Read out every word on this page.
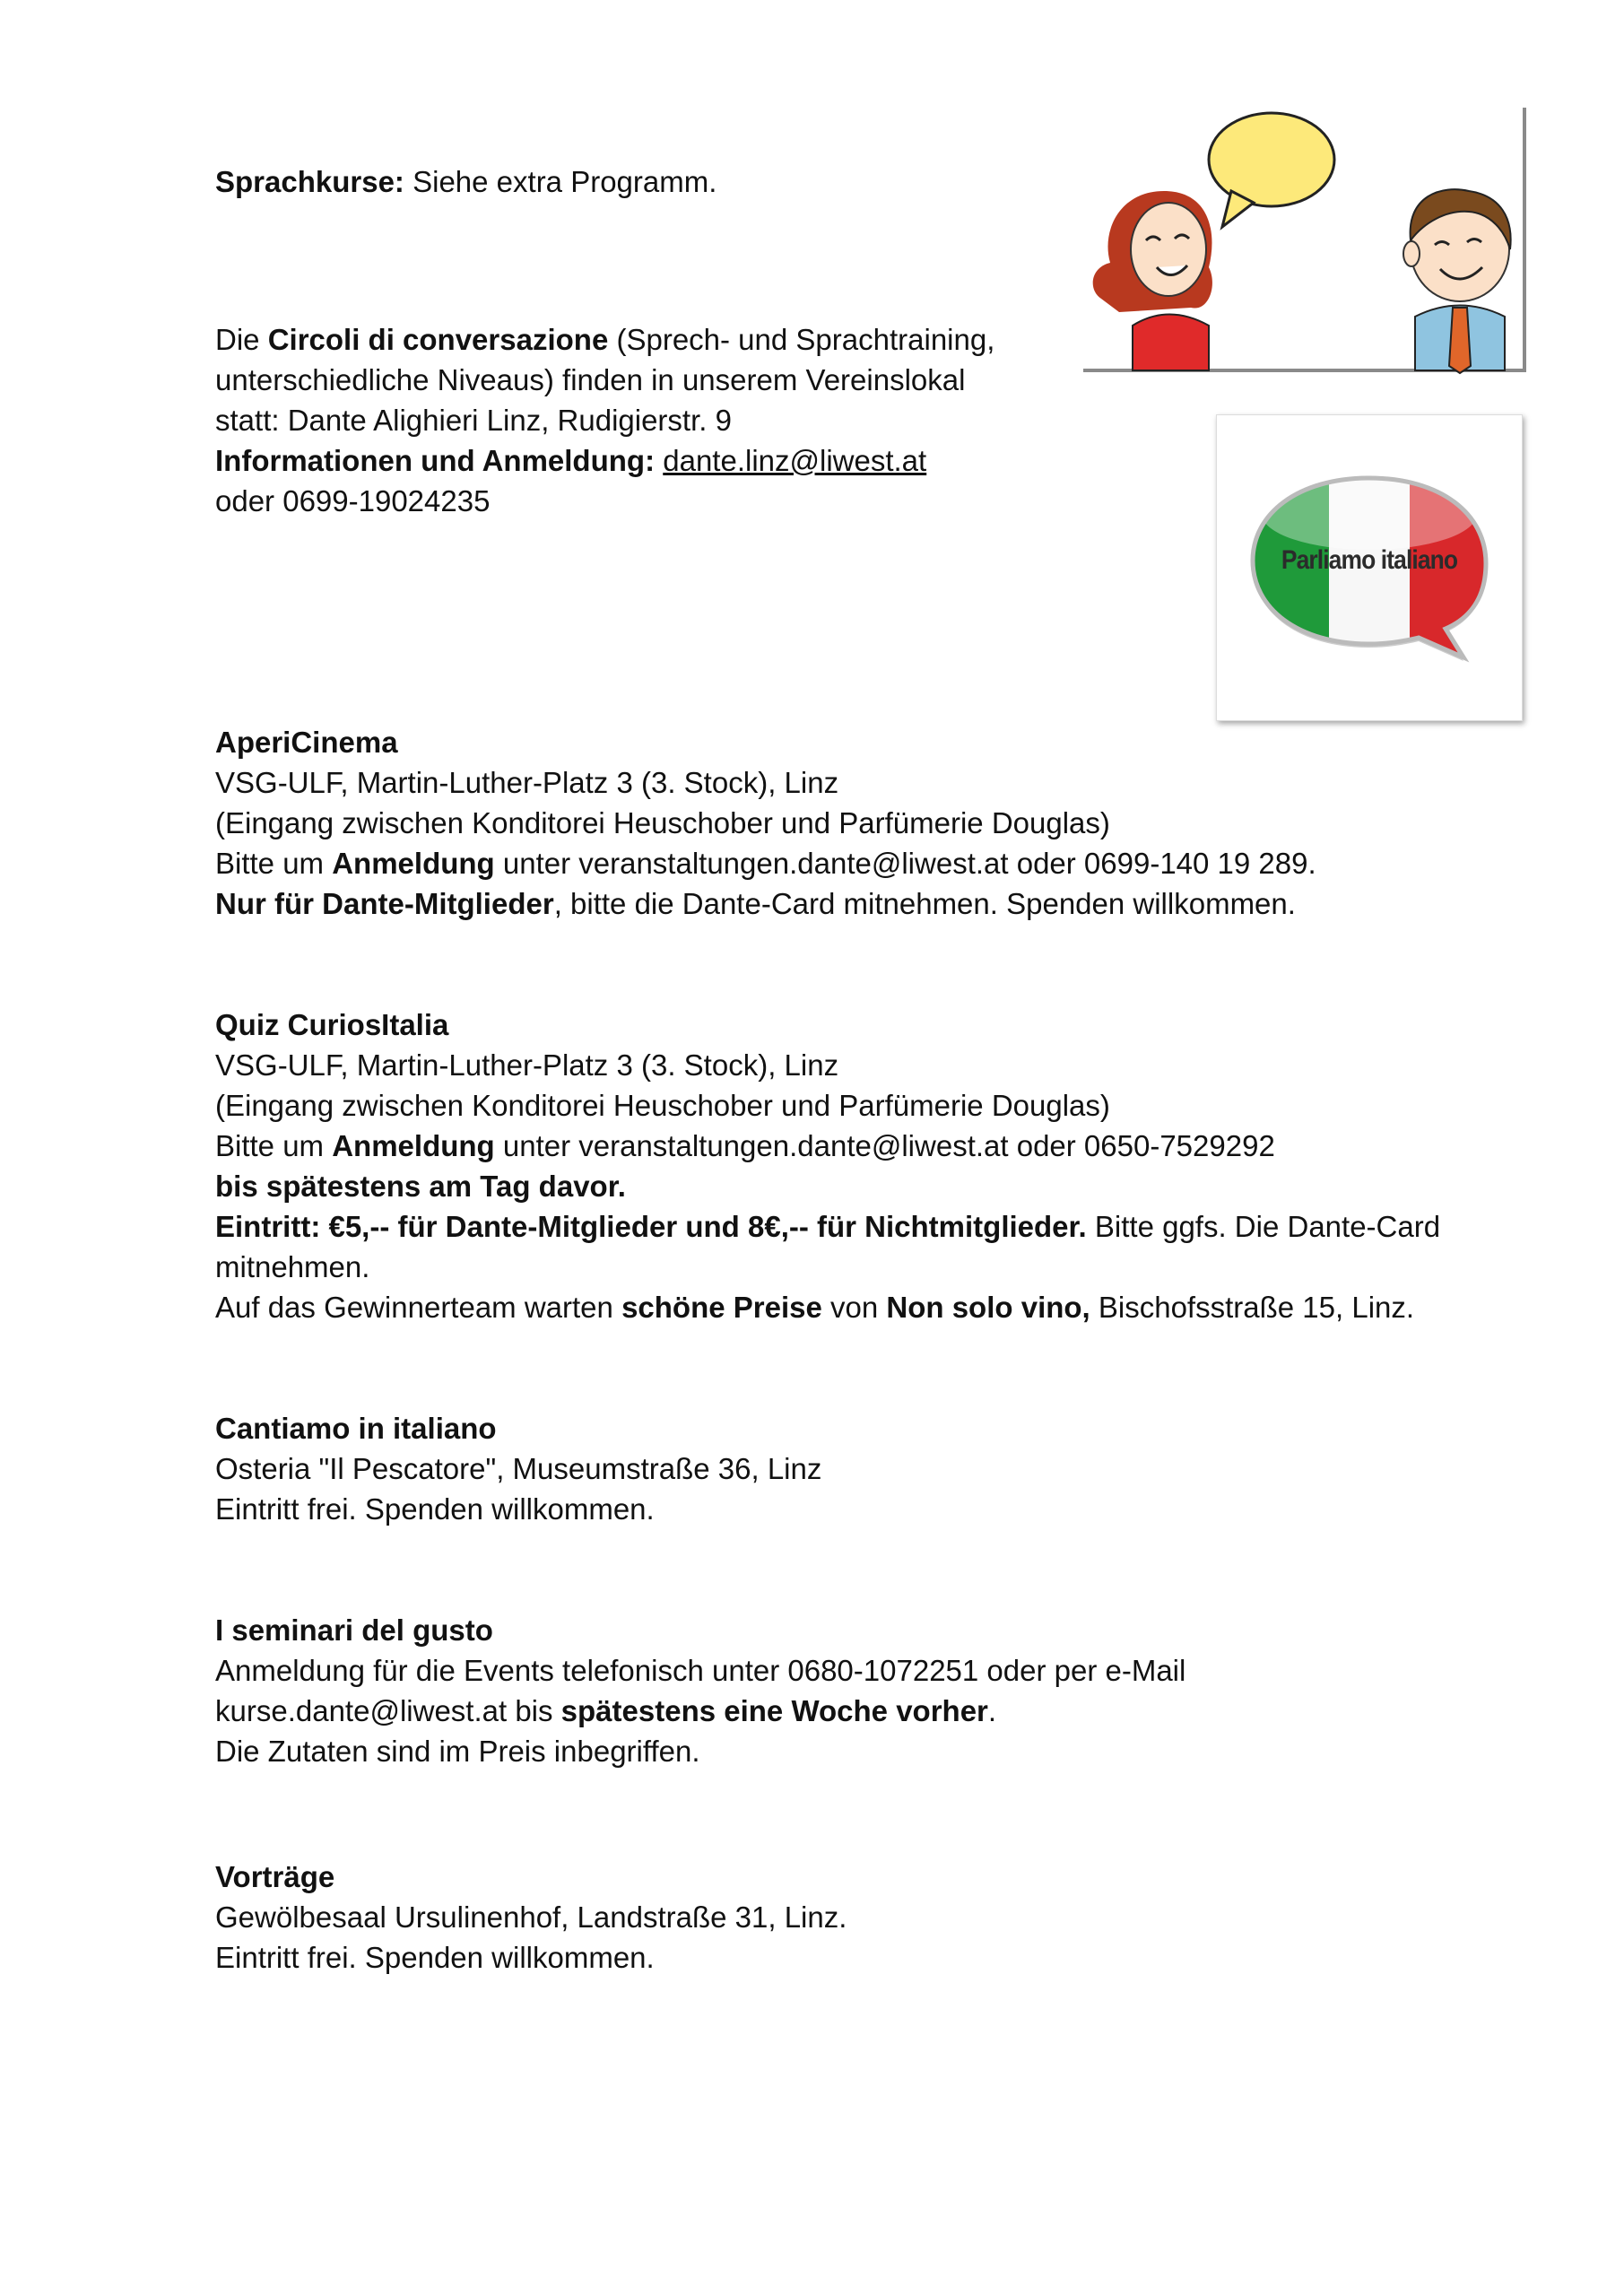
Sprachkurse: Siehe extra Programm.

Die Circoli di conversazione (Sprech- und Sprachtraining,

unterschiedliche Niveaus) finden in unserem Vereinslokal

statt: Dante Alighieri Linz, Rudigierstr. 9

Informationen und Anmeldung: dante.linz@liwest.at

oder 0699-19024235

Parliamo italiano

AperiCinema

VSG-ULF, Martin-Luther-Platz 3 (3. Stock), Linz

(Eingang zwischen Konditorei Heuschober und Parfümerie Douglas)

Bitte um Anmeldung unter veranstaltungen.dante@liwest.at oder 0699-140 19 289.

Nur für Dante-Mitglieder, bitte die Dante-Card mitnehmen. Spenden willkommen.

Quiz CuriosItalia

VSG-ULF, Martin-Luther-Platz 3 (3. Stock), Linz

(Eingang zwischen Konditorei Heuschober und Parfümerie Douglas)

Bitte um Anmeldung unter veranstaltungen.dante@liwest.at oder 0650-7529292

bis spätestens am Tag davor.

Eintritt: €5,-- für Dante-Mitglieder und 8€,-- für Nichtmitglieder. Bitte ggfs. Die Dante-Card

mitnehmen.

Auf das Gewinnerteam warten schöne Preise von Non solo vino, Bischofsstraße 15, Linz.

Cantiamo in italiano

Osteria "Il Pescatore", Museumstraße 36, Linz

Eintritt frei. Spenden willkommen.

I seminari del gusto

Anmeldung für die Events telefonisch unter 0680-1072251 oder per e-Mail

kurse.dante@liwest.at bis spätestens eine Woche vorher.

Die Zutaten sind im Preis inbegriffen.

Vorträge

Gewölbesaal Ursulinenhof, Landstraße 31, Linz.

Eintritt frei. Spenden willkommen.
